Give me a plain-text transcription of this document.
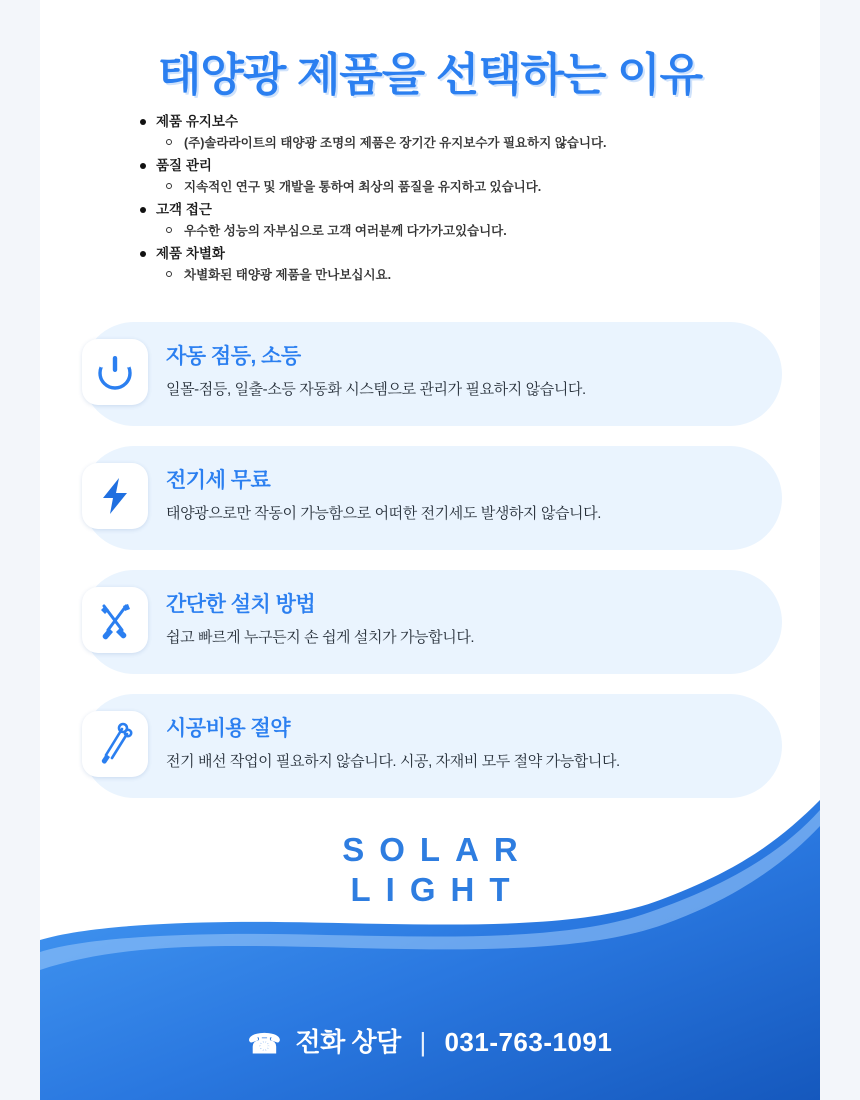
태양광 제품을 선택하는 이유
제품 유지보수
(주)솔라라이트의 태양광 조명의 제품은 장기간 유지보수가 필요하지 않습니다.
품질 관리
지속적인 연구 및 개발을 통하여 최상의 품질을 유지하고 있습니다.
고객 접근
우수한 성능의 자부심으로 고객 여러분께 다가가고있습니다.
제품 차별화
차별화된 태양광 제품을 만나보십시요.
자동 점등, 소등
일몰-점등, 일출-소등 자동화 시스템으로 관리가 필요하지 않습니다.
전기세 무료
태양광으로만 작동이 가능함으로 어떠한 전기세도 발생하지 않습니다.
간단한 설치 방법
쉽고 빠르게 누구든지 손 쉽게 설치가 가능합니다.
시공비용 절약
전기 배선 작업이 필요하지 않습니다. 시공, 자재비 모두 절약 가능합니다.
SOLAR
LIGHT
☎ 전화 상담 | 031-763-1091
